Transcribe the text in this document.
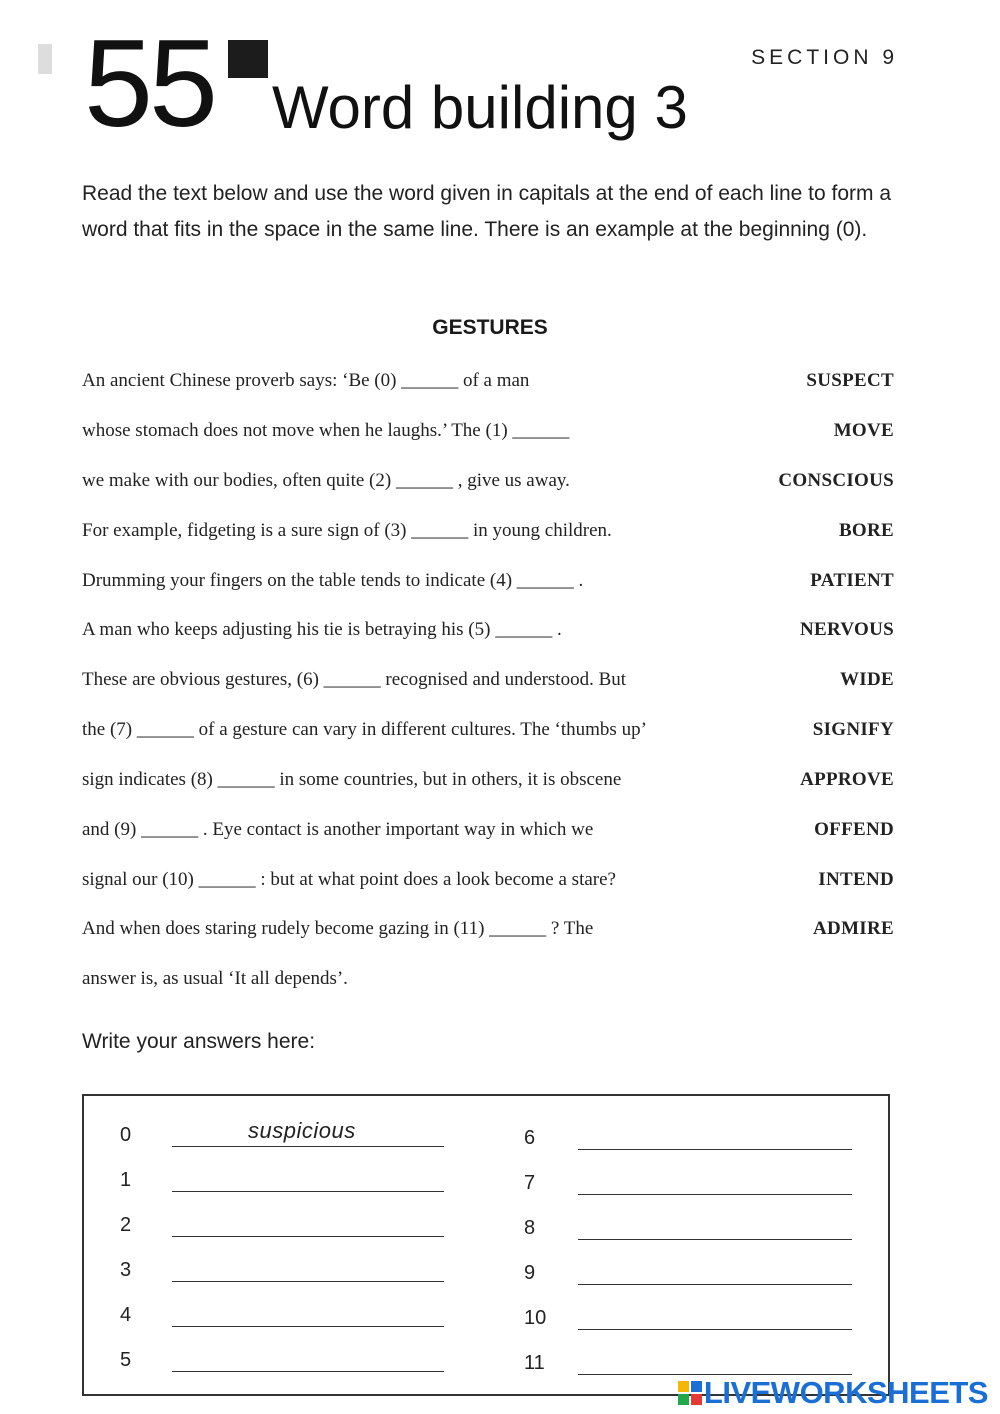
55	SECTION 9
Word building 3

Read the text below and use the word given in capitals at the end of each line to form a word that fits in the space in the same line. There is an example at the beginning (0).

GESTURES
An ancient Chinese proverb says: ‘Be (0) ______ of a man	SUSPECT
whose stomach does not move when he laughs.’ The (1) ______	MOVE
we make with our bodies, often quite (2) ______ , give us away.	CONSCIOUS
For example, fidgeting is a sure sign of (3) ______ in young children.	BORE
Drumming your fingers on the table tends to indicate (4) ______ .	PATIENT
A man who keeps adjusting his tie is betraying his (5) ______ .	NERVOUS
These are obvious gestures, (6) ______ recognised and understood. But	WIDE
the (7) ______ of a gesture can vary in different cultures. The ‘thumbs up’	SIGNIFY
sign indicates (8) ______ in some countries, but in others, it is obscene	APPROVE
and (9) ______ . Eye contact is another important way in which we	OFFEND
signal our (10) ______ : but at what point does a look become a stare?	INTEND
And when does staring rudely become gazing in (11) ______ ? The	ADMIRE
answer is, as usual ‘It all depends’.

Write your answers here:

0	suspicious
1
2
3
4
5
6
7
8
9
10
11
LIVEWORKSHEETS
